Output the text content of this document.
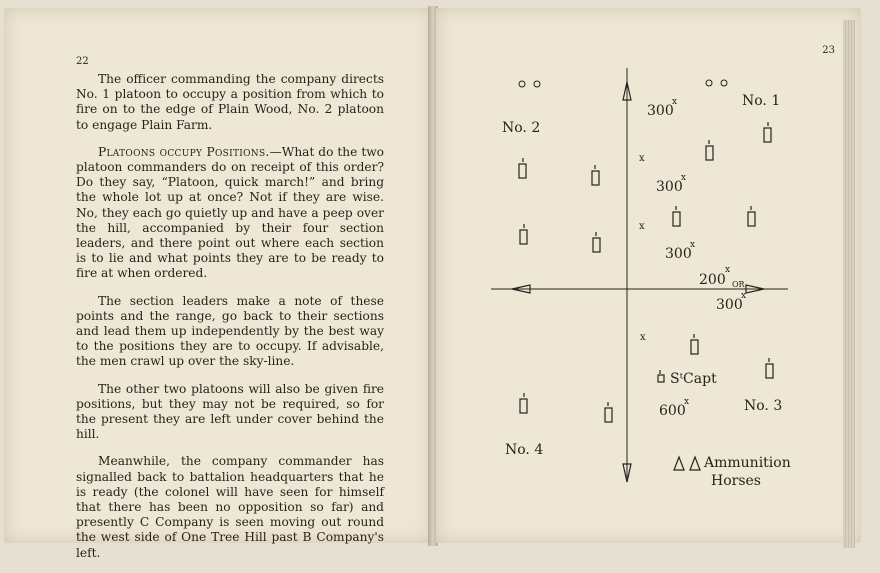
22

The officer commanding the company directs No. 1 platoon to occupy a position from which to fire on to the edge of Plain Wood, No. 2 platoon to engage Plain Farm.

Platoons occupy Positions.—What do the two platoon commanders do on receipt of this order? Do they say, “Platoon, quick march!” and bring the whole lot up at once? Not if they are wise. No, they each go quietly up and have a peep over the hill, accompanied by their four section leaders, and there point out where each section is to lie and what points they are to be ready to fire at when ordered.

The section leaders make a note of these points and the range, go back to their sections and lead them up independently by the best way to the positions they are to occupy. If advisable, the men crawl up over the sky-line.

The other two platoons will also be given fire positions, but they may not be required, so for the present they are left under cover behind the hill.

Meanwhile, the company commander has signalled back to battalion headquarters that he is ready (the colonel will have seen for himself that there has been no opposition so far) and presently C Company is seen moving out round the west side of One Tree Hill past B Company's left.

23
x
x
x
No. 1
No. 2
No. 3
No. 4
300
x
300
x
300
x
200
x
OR
300
x
600
x
SᵗCapt
Ammunition
Horses
